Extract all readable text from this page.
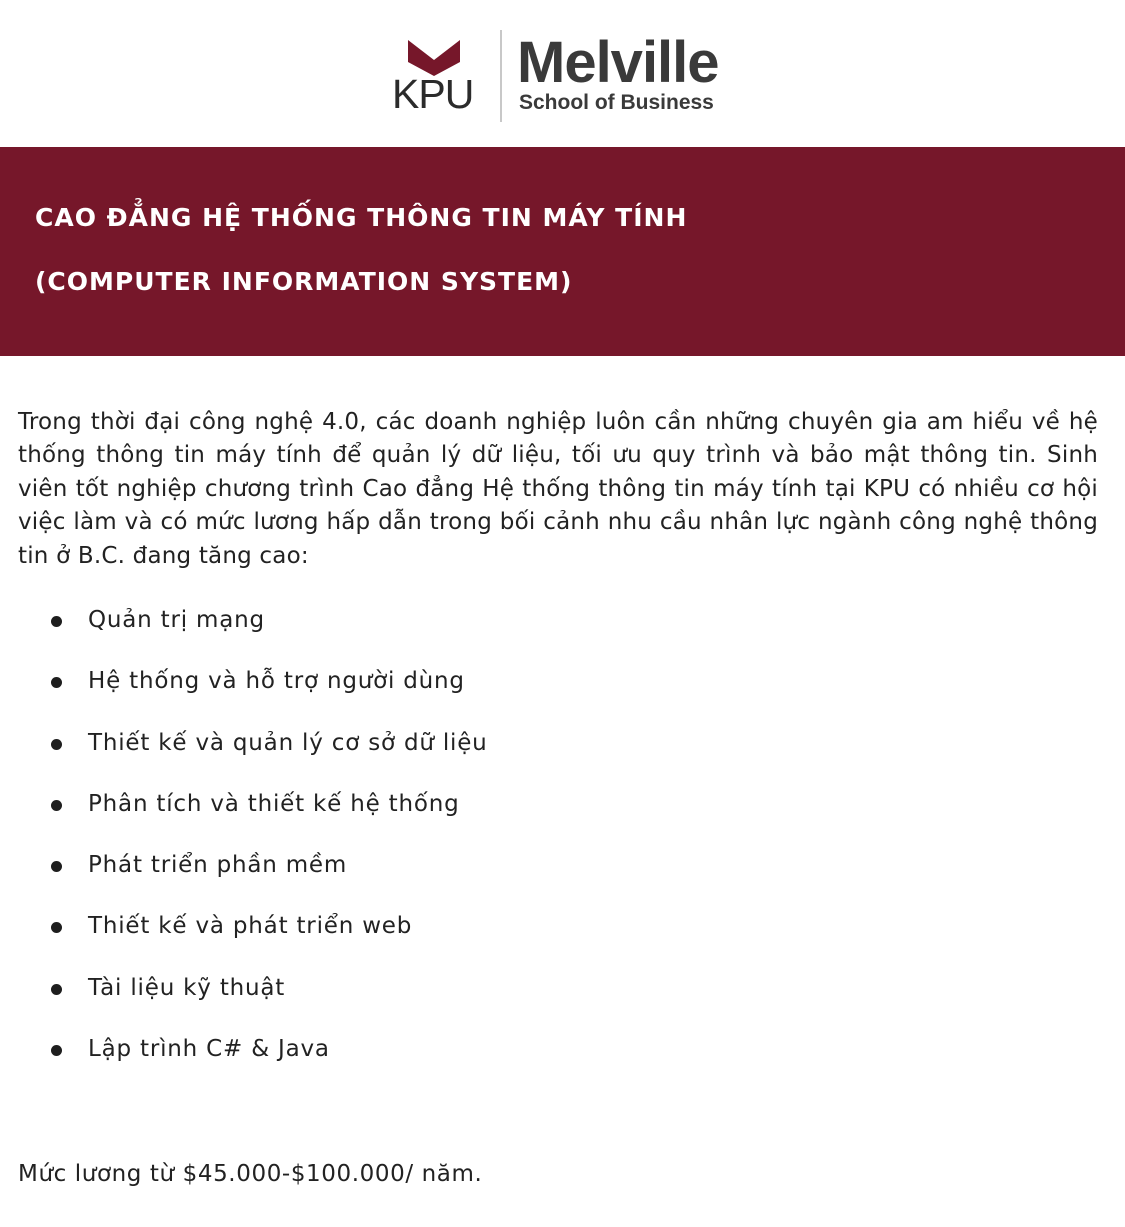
KPU Melville
School of Business
CAO ĐẲNG HỆ THỐNG THÔNG TIN MÁY TÍNH
(COMPUTER INFORMATION SYSTEM)

Trong thời đại công nghệ 4.0, các doanh nghiệp luôn cần những chuyên gia am hiểu về hệ thống thông tin máy tính để quản lý dữ liệu, tối ưu quy trình và bảo mật thông tin. Sinh viên tốt nghiệp chương trình Cao đẳng Hệ thống thông tin máy tính tại KPU có nhiều cơ hội việc làm và có mức lương hấp dẫn trong bối cảnh nhu cầu nhân lực ngành công nghệ thông tin ở B.C. đang tăng cao:

Quản trị mạng
Hệ thống và hỗ trợ người dùng
Thiết kế và quản lý cơ sở dữ liệu
Phân tích và thiết kế hệ thống
Phát triển phần mềm
Thiết kế và phát triển web
Tài liệu kỹ thuật
Lập trình C# & Java
Mức lương từ $45.000-$100.000/ năm.
